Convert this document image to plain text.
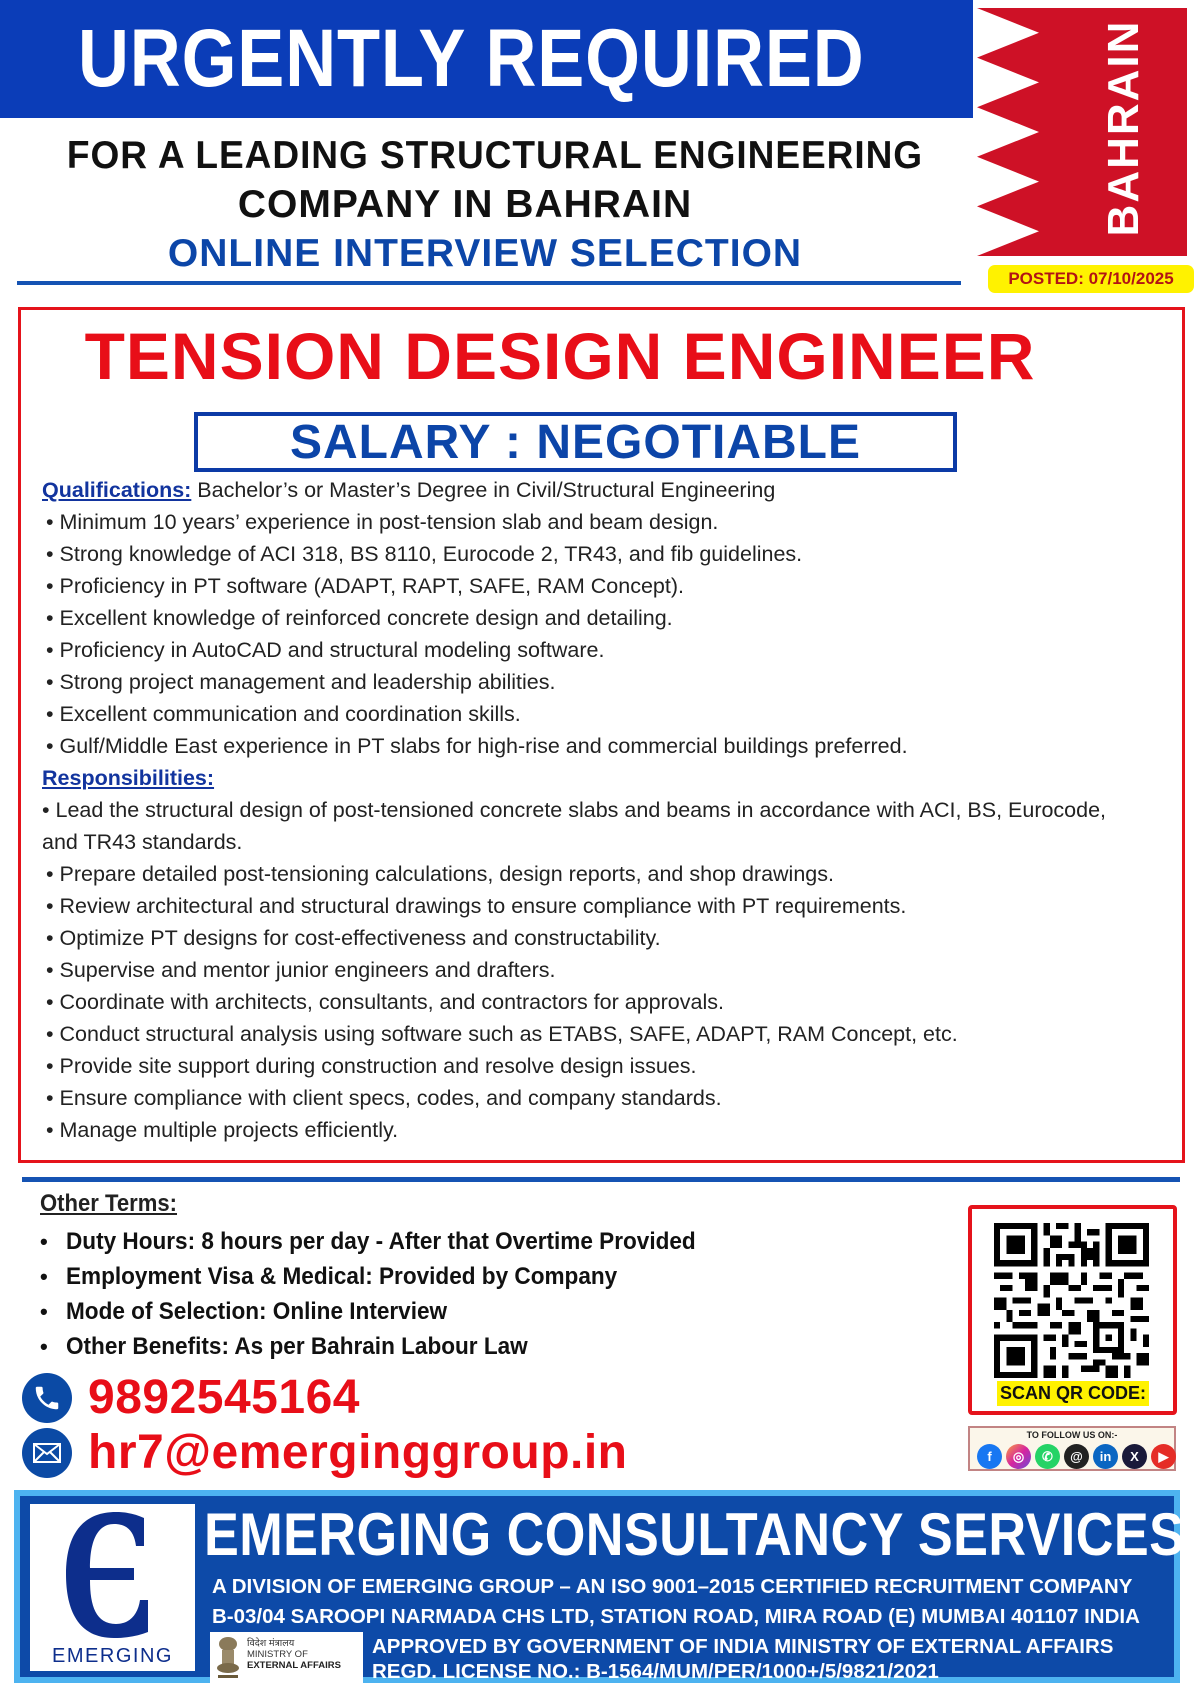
URGENTLY REQUIRED
FOR A LEADING STRUCTURAL ENGINEERING
COMPANY IN BAHRAIN
ONLINE INTERVIEW SELECTION
BAHRAIN
POSTED: 07/10/2025
TENSION DESIGN ENGINEER
SALARY : NEGOTIABLE
Qualifications: Bachelor’s or Master’s Degree in Civil/Structural Engineering
• Minimum 10 years’ experience in post-tension slab and beam design.
• Strong knowledge of ACI 318, BS 8110, Eurocode 2, TR43, and fib guidelines.
• Proficiency in PT software (ADAPT, RAPT, SAFE, RAM Concept).
• Excellent knowledge of reinforced concrete design and detailing.
• Proficiency in AutoCAD and structural modeling software.
• Strong project management and leadership abilities.
• Excellent communication and coordination skills.
• Gulf/Middle East experience in PT slabs for high-rise and commercial buildings preferred.
Responsibilities:
• Lead the structural design of post-tensioned concrete slabs and beams in accordance with ACI, BS, Eurocode, and TR43 standards.
• Prepare detailed post-tensioning calculations, design reports, and shop drawings.
• Review architectural and structural drawings to ensure compliance with PT requirements.
• Optimize PT designs for cost-effectiveness and constructability.
• Supervise and mentor junior engineers and drafters.
• Coordinate with architects, consultants, and contractors for approvals.
• Conduct structural analysis using software such as ETABS, SAFE, ADAPT, RAM Concept, etc.
• Provide site support during construction and resolve design issues.
• Ensure compliance with client specs, codes, and company standards.
• Manage multiple projects efficiently.
Other Terms:
• Duty Hours: 8 hours per day - After that Overtime Provided
• Employment Visa & Medical: Provided by Company
• Mode of Selection: Online Interview
• Other Benefits: As per Bahrain Labour Law
9892545164
hr7@emerginggroup.in
SCAN QR CODE:
TO FOLLOW US ON:-
f	◎	✆	@	in	X	▶
EMERGING
EMERGING CONSULTANCY SERVICES
A DIVISION OF EMERGING GROUP – AN ISO 9001–2015 CERTIFIED RECRUITMENT COMPANY
B-03/04 SAROOPI NARMADA CHS LTD, STATION ROAD, MIRA ROAD (E) MUMBAI 401107 INDIA
विदेश मंत्रालय
MINISTRY OF
EXTERNAL AFFAIRS
APPROVED BY GOVERNMENT OF INDIA MINISTRY OF EXTERNAL AFFAIRS
REGD. LICENSE NO.: B-1564/MUM/PER/1000+/5/9821/2021
